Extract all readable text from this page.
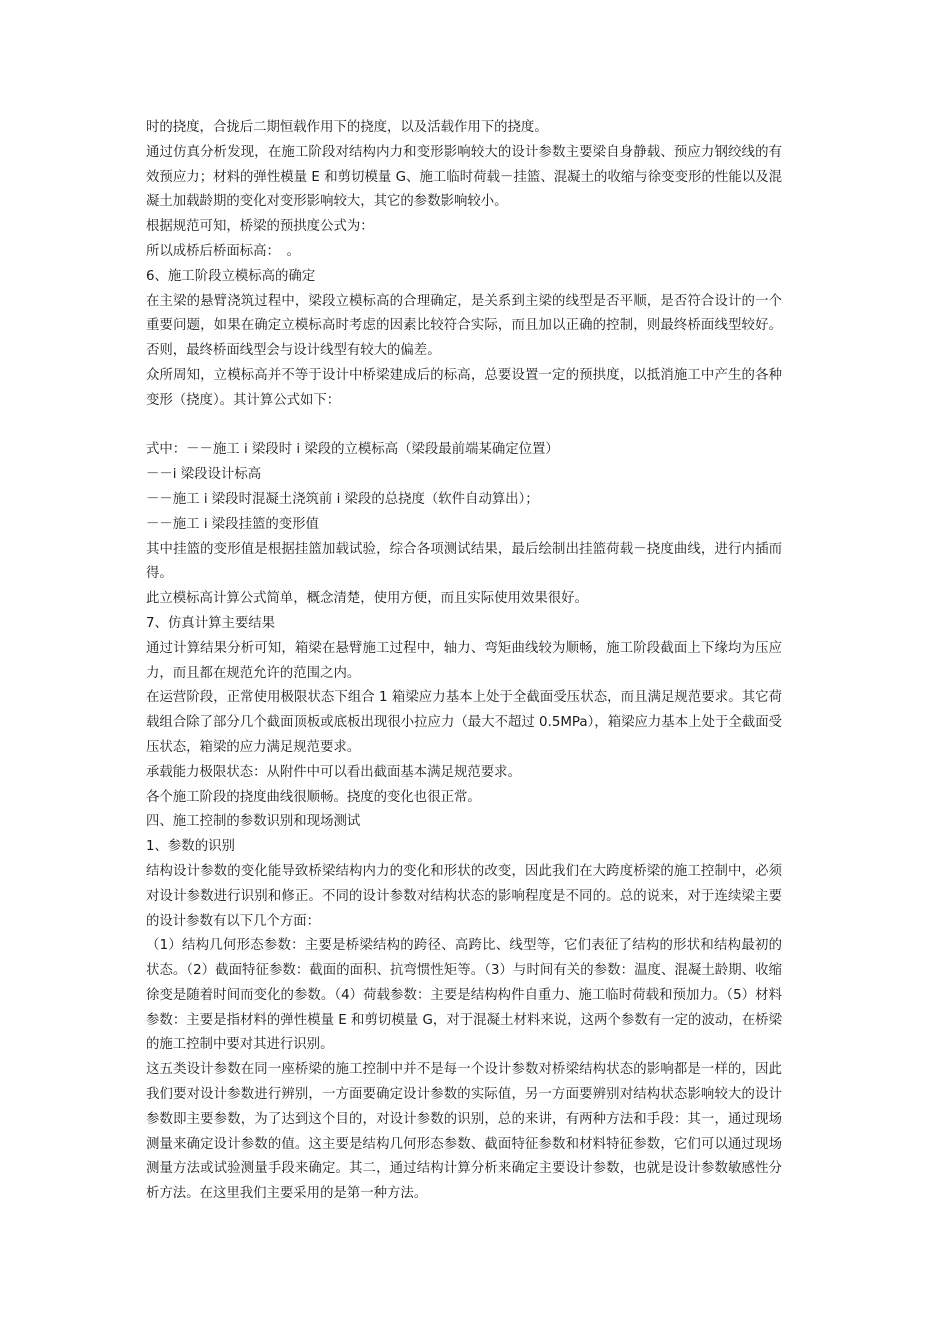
时的挠度，合拢后二期恒载作用下的挠度，以及活载作用下的挠度。

通过仿真分析发现，在施工阶段对结构内力和变形影响较大的设计参数主要梁自身静载、预应力钢绞线的有效预应力；材料的弹性模量 E 和剪切模量 G、施工临时荷载－挂篮、混凝土的收缩与徐变变形的性能以及混凝土加载龄期的变化对变形影响较大，其它的参数影响较小。

根据规范可知，桥梁的预拱度公式为：

所以成桥后桥面标高：　。

6、施工阶段立模标高的确定

在主梁的悬臂浇筑过程中，梁段立模标高的合理确定，是关系到主梁的线型是否平顺，是否符合设计的一个重要问题，如果在确定立模标高时考虑的因素比较符合实际，而且加以正确的控制，则最终桥面线型较好。否则，最终桥面线型会与设计线型有较大的偏差。

众所周知，立模标高并不等于设计中桥梁建成后的标高，总要设置一定的预拱度，以抵消施工中产生的各种变形（挠度）。其计算公式如下：

式中：－－施工 i 梁段时 i 梁段的立模标高（梁段最前端某确定位置）

－－i 梁段设计标高

－－施工 i 梁段时混凝土浇筑前 i 梁段的总挠度（软件自动算出）；

－－施工 i 梁段挂篮的变形值

其中挂篮的变形值是根据挂篮加载试验，综合各项测试结果，最后绘制出挂篮荷载－挠度曲线，进行内插而得。

此立模标高计算公式简单，概念清楚，使用方便，而且实际使用效果很好。

7、仿真计算主要结果

通过计算结果分析可知，箱梁在悬臂施工过程中，轴力、弯矩曲线较为顺畅，施工阶段截面上下缘均为压应力，而且都在规范允许的范围之内。

在运营阶段，正常使用极限状态下组合 1 箱梁应力基本上处于全截面受压状态，而且满足规范要求。其它荷载组合除了部分几个截面顶板或底板出现很小拉应力（最大不超过 0.5MPa），箱梁应力基本上处于全截面受压状态，箱梁的应力满足规范要求。

承载能力极限状态：从附件中可以看出截面基本满足规范要求。

各个施工阶段的挠度曲线很顺畅。挠度的变化也很正常。

四、施工控制的参数识别和现场测试

1、参数的识别

结构设计参数的变化能导致桥梁结构内力的变化和形状的改变，因此我们在大跨度桥梁的施工控制中，必须对设计参数进行识别和修正。不同的设计参数对结构状态的影响程度是不同的。总的说来，对于连续梁主要的设计参数有以下几个方面：

（1）结构几何形态参数：主要是桥梁结构的跨径、高跨比、线型等，它们表征了结构的形状和结构最初的状态。（2）截面特征参数：截面的面积、抗弯惯性矩等。（3）与时间有关的参数：温度、混凝土龄期、收缩徐变是随着时间而变化的参数。（4）荷载参数：主要是结构构件自重力、施工临时荷载和预加力。（5）材料参数：主要是指材料的弹性模量 E 和剪切模量 G，对于混凝土材料来说，这两个参数有一定的波动，在桥梁的施工控制中要对其进行识别。

这五类设计参数在同一座桥梁的施工控制中并不是每一个设计参数对桥梁结构状态的影响都是一样的，因此我们要对设计参数进行辨别，一方面要确定设计参数的实际值，另一方面要辨别对结构状态影响较大的设计参数即主要参数，为了达到这个目的，对设计参数的识别，总的来讲，有两种方法和手段：其一，通过现场测量来确定设计参数的值。这主要是结构几何形态参数、截面特征参数和材料特征参数，它们可以通过现场测量方法或试验测量手段来确定。其二，通过结构计算分析来确定主要设计参数，也就是设计参数敏感性分析方法。在这里我们主要采用的是第一种方法。
